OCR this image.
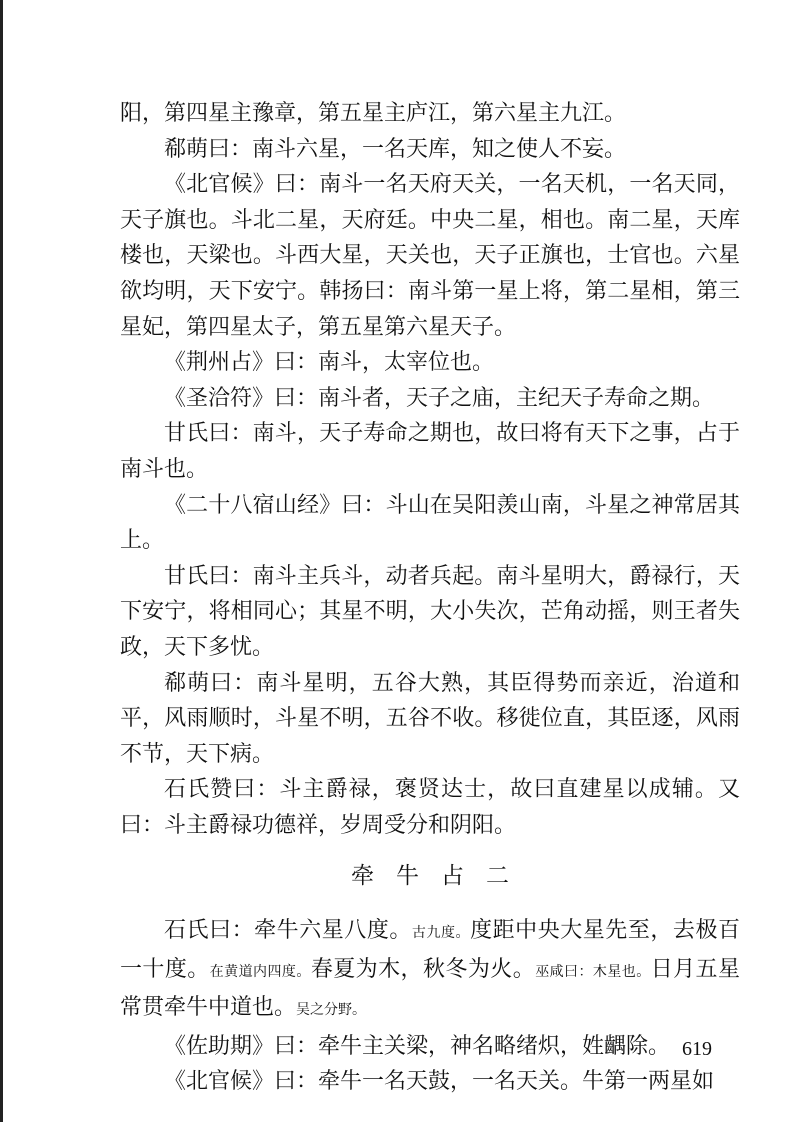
阳，第四星主豫章，第五星主庐江，第六星主九江。

郗萌曰：南斗六星，一名天库，知之使人不妄。

《北官候》曰：南斗一名天府天关，一名天机，一名天同，天子旗也。斗北二星，天府廷。中央二星，相也。南二星，天库楼也，天梁也。斗西大星，天关也，天子正旗也，士官也。六星欲均明，天下安宁。韩扬曰：南斗第一星上将，第二星相，第三星妃，第四星太子，第五星第六星天子。

《荆州占》曰：南斗，太宰位也。

《圣洽符》曰：南斗者，天子之庙，主纪天子寿命之期。

甘氏曰：南斗，天子寿命之期也，故曰将有天下之事，占于南斗也。

《二十八宿山经》曰：斗山在吴阳羡山南，斗星之神常居其上。

甘氏曰：南斗主兵斗，动者兵起。南斗星明大，爵禄行，天下安宁，将相同心；其星不明，大小失次，芒角动摇，则王者失政，天下多忧。

郗萌曰：南斗星明，五谷大熟，其臣得势而亲近，治道和平，风雨顺时，斗星不明，五谷不收。移徙位直，其臣逐，风雨不节，天下病。

石氏赞曰：斗主爵禄，褒贤达士，故曰直建星以成辅。又曰：斗主爵禄功德祥，岁周受分和阴阳。

牵牛占二

石氏曰：牵牛六星八度。古九度。度距中央大星先至，去极百一十度。在黄道内四度。春夏为木，秋冬为火。巫咸曰：木星也。日月五星常贯牵牛中道也。吴之分野。

《佐助期》曰：牵牛主关梁，神名略绪炽，姓齵除。

《北官候》曰：牵牛一名天鼓，一名天关。牛第一两星如

619
